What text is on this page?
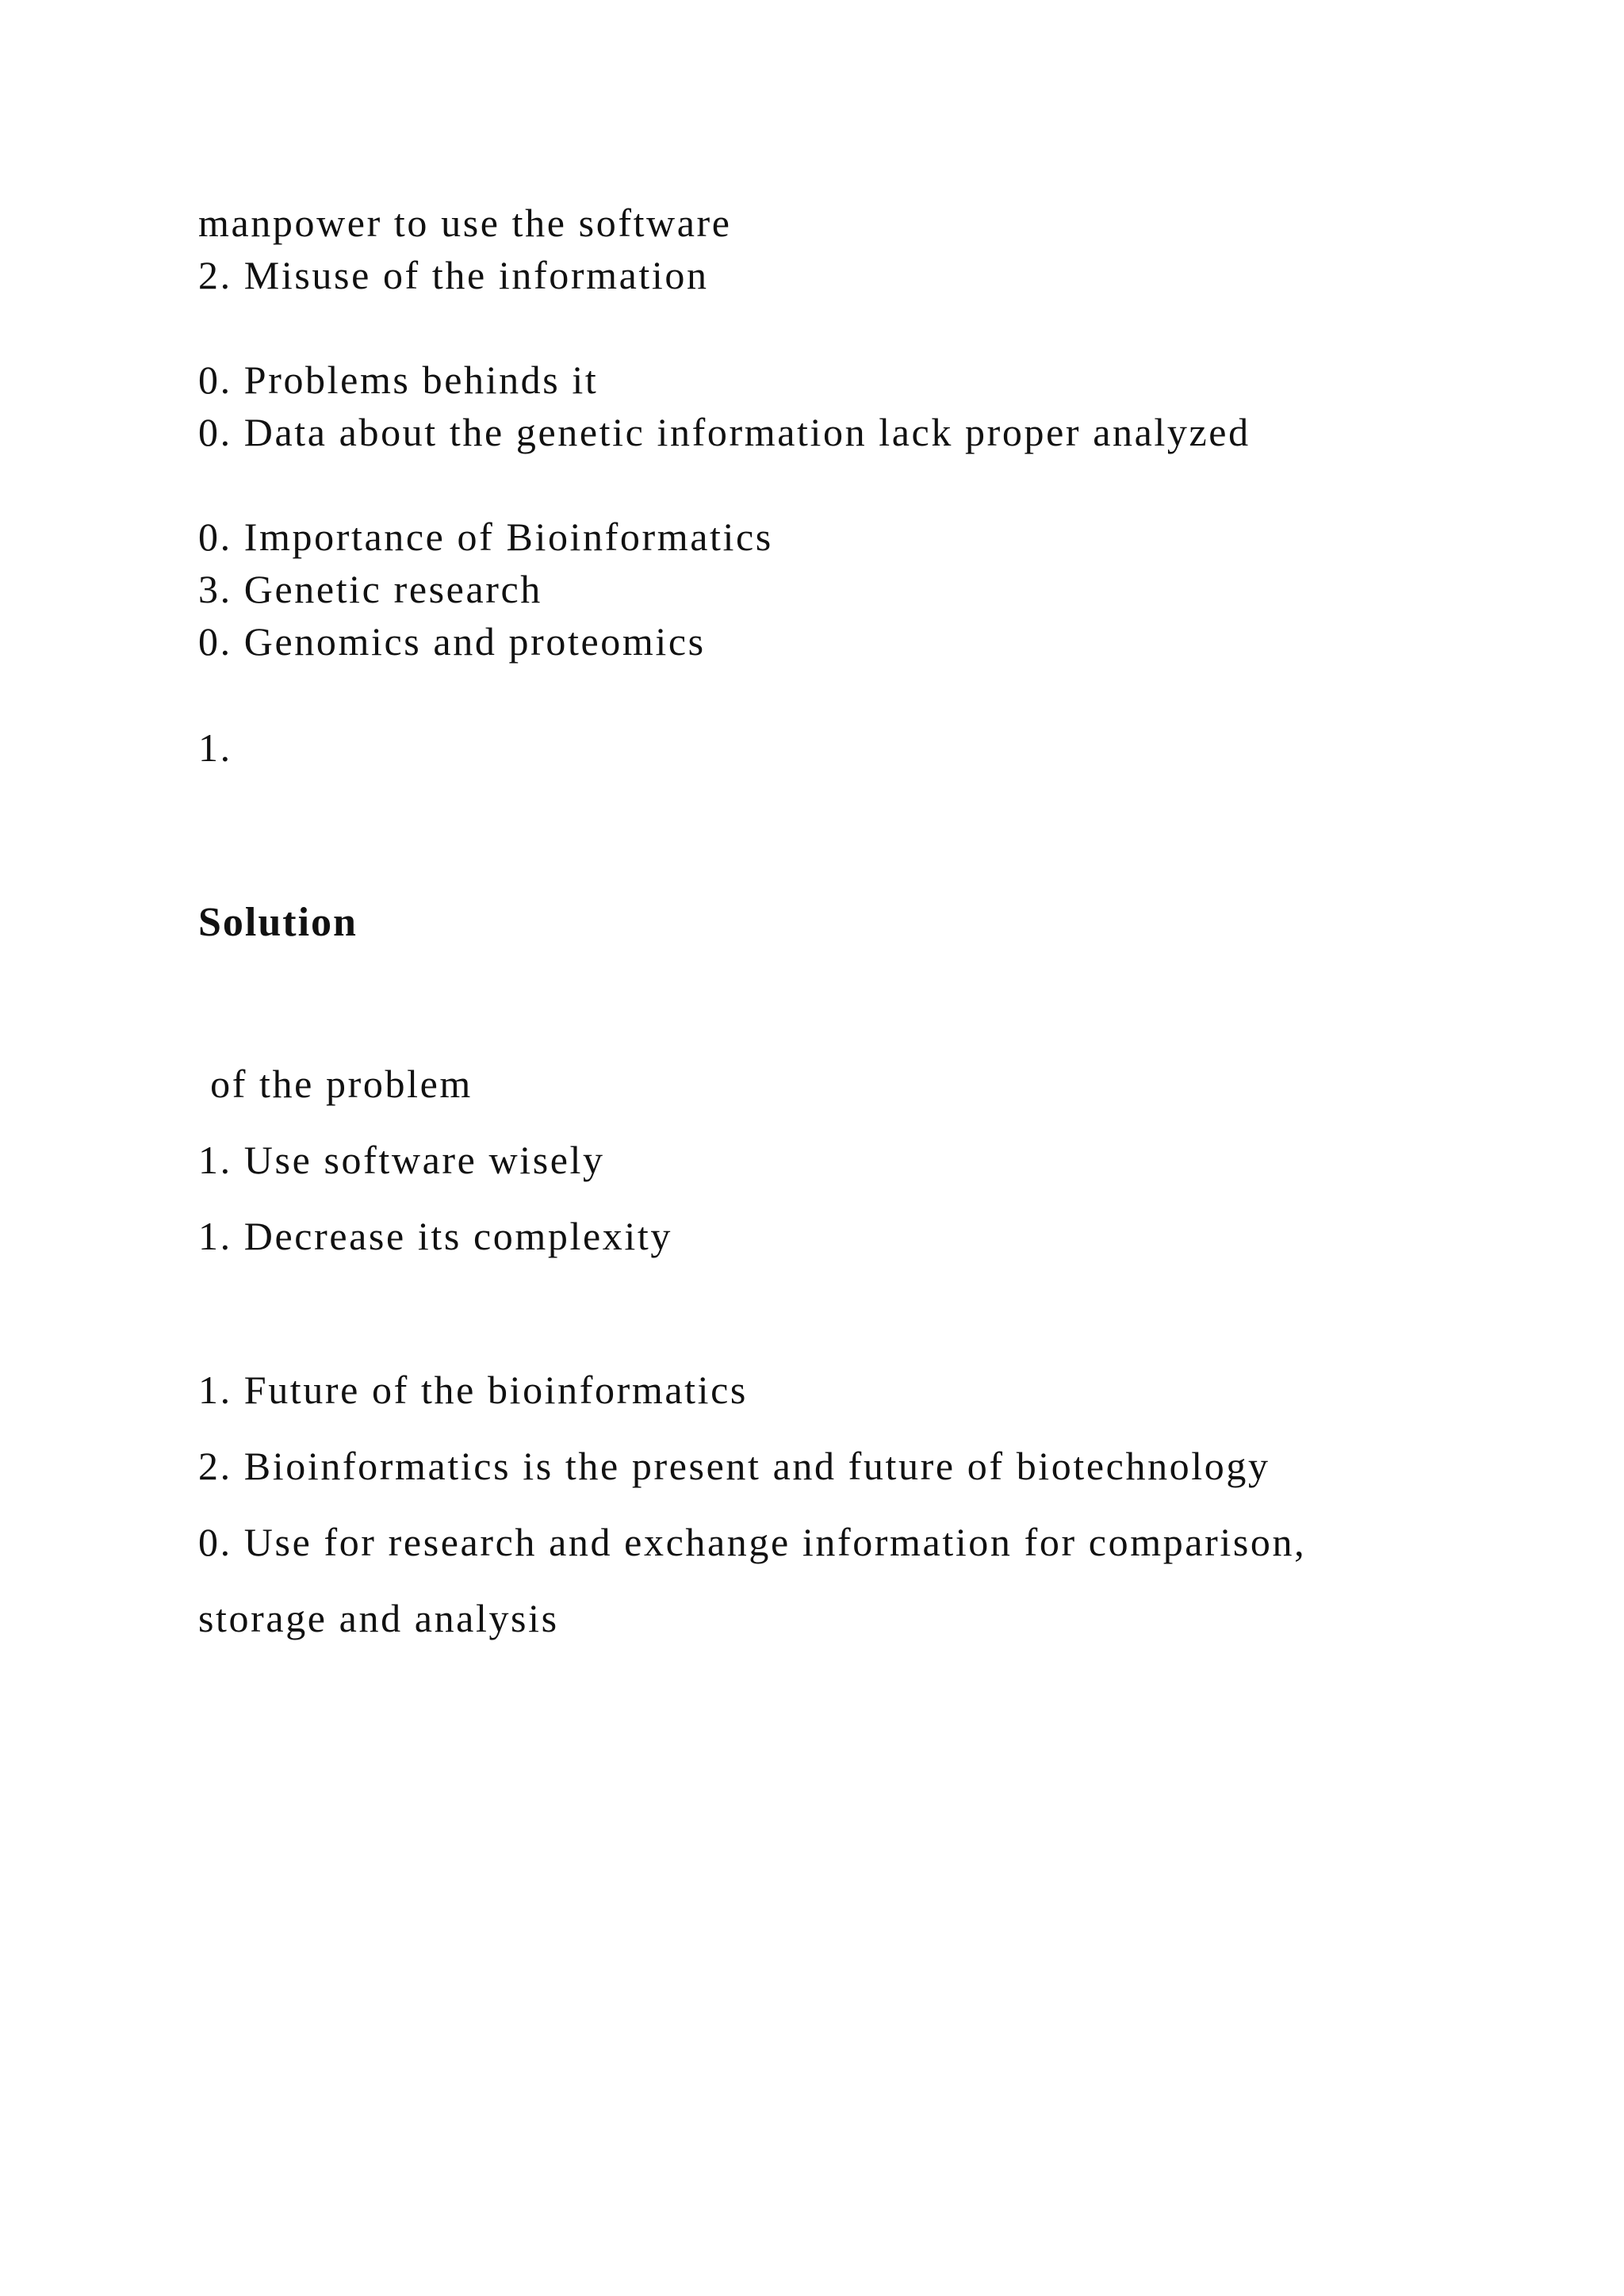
manpower to use the software
2. Misuse of the information
0. Problems behinds it
0. Data about the genetic information lack proper analyzed
0. Importance of Bioinformatics
3. Genetic research
0. Genomics and proteomics
1.
Solution
of the problem
1. Use software wisely
1. Decrease its complexity
1. Future of the bioinformatics
2. Bioinformatics is the present and future of biotechnology
0. Use for research and exchange information for comparison,
storage and analysis
